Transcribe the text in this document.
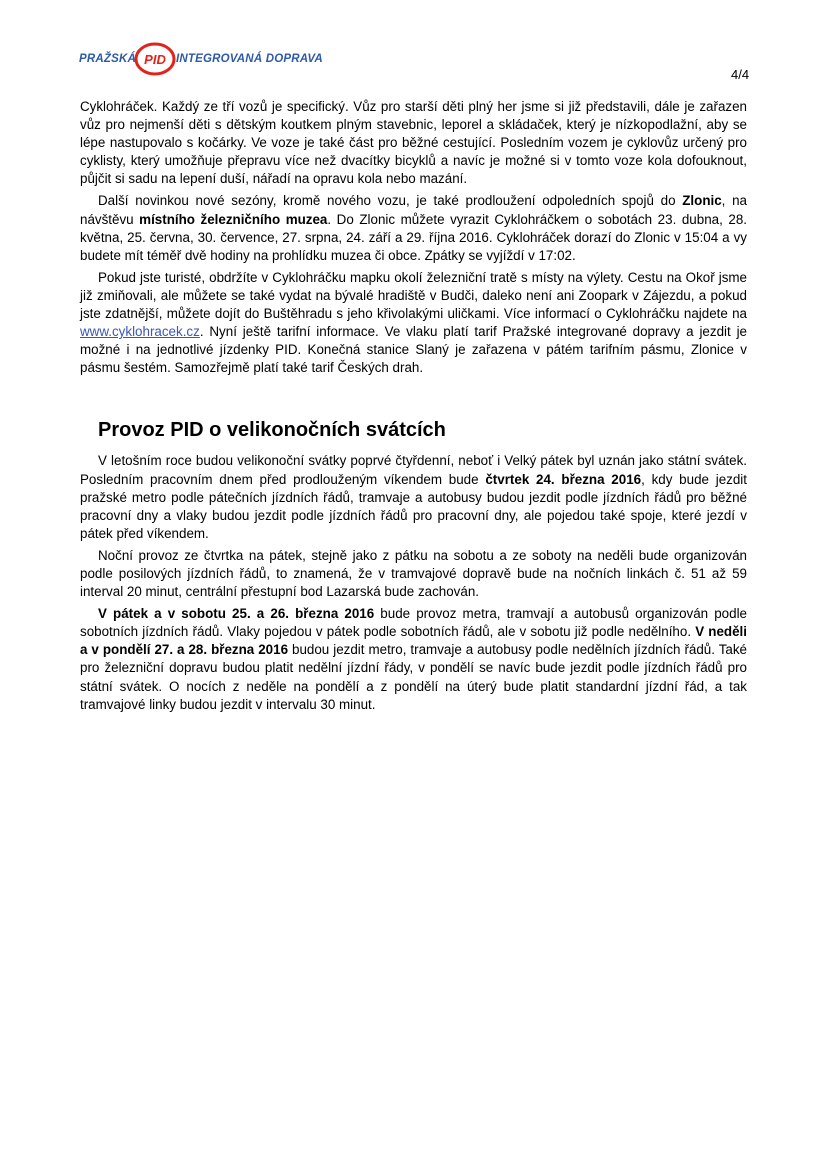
PRAŽSKÁ PID INTEGROVANÁ DOPRAVA
4/4

Cyklohráček. Každý ze tří vozů je specifický. Vůz pro starší děti plný her jsme si již představili, dále je zařazen vůz pro nejmenší děti s dětským koutkem plným stavebnic, leporel a skládaček, který je nízkopodlažní, aby se lépe nastupovalo s kočárky. Ve voze je také část pro běžné cestující. Posledním vozem je cyklovůz určený pro cyklisty, který umožňuje přepravu více než dvacítky bicyklů a navíc je možné si v tomto voze kola dofouknout, půjčit si sadu na lepení duší, nářadí na opravu kola nebo mazání.

Další novinkou nové sezóny, kromě nového vozu, je také prodloužení odpoledních spojů do Zlonic, na návštěvu místního železničního muzea. Do Zlonic můžete vyrazit Cyklohráčkem o sobotách 23. dubna, 28. května, 25. června, 30. července, 27. srpna, 24. září a 29. října 2016. Cyklohráček dorazí do Zlonic v 15:04 a vy budete mít téměř dvě hodiny na prohlídku muzea či obce. Zpátky se vyjíždí v 17:02.

Pokud jste turisté, obdržíte v Cyklohráčku mapku okolí železniční tratě s místy na výlety. Cestu na Okoř jsme již zmiňovali, ale můžete se také vydat na bývalé hradiště v Budči, daleko není ani Zoopark v Zájezdu, a pokud jste zdatnější, můžete dojít do Buštěhradu s jeho křivolakými uličkami. Více informací o Cyklohráčku najdete na www.cyklohracek.cz. Nyní ještě tarifní informace. Ve vlaku platí tarif Pražské integrované dopravy a jezdit je možné i na jednotlivé jízdenky PID. Konečná stanice Slaný je zařazena v pátém tarifním pásmu, Zlonice v pásmu šestém. Samozřejmě platí také tarif Českých drah.

Provoz PID o velikonočních svátcích

V letošním roce budou velikonoční svátky poprvé čtyřdenní, neboť i Velký pátek byl uznán jako státní svátek. Posledním pracovním dnem před prodlouženým víkendem bude čtvrtek 24. března 2016, kdy bude jezdit pražské metro podle pátečních jízdních řádů, tramvaje a autobusy budou jezdit podle jízdních řádů pro běžné pracovní dny a vlaky budou jezdit podle jízdních řádů pro pracovní dny, ale pojedou také spoje, které jezdí v pátek před víkendem.

Noční provoz ze čtvrtka na pátek, stejně jako z pátku na sobotu a ze soboty na neděli bude organizován podle posilových jízdních řádů, to znamená, že v tramvajové dopravě bude na nočních linkách č. 51 až 59 interval 20 minut, centrální přestupní bod Lazarská bude zachován.

V pátek a v sobotu 25. a 26. března 2016 bude provoz metra, tramvají a autobusů organizován podle sobotních jízdních řádů. Vlaky pojedou v pátek podle sobotních řádů, ale v sobotu již podle nedělního. V neděli a v pondělí 27. a 28. března 2016 budou jezdit metro, tramvaje a autobusy podle nedělních jízdních řádů. Také pro železniční dopravu budou platit nedělní jízdní řády, v pondělí se navíc bude jezdit podle jízdních řádů pro státní svátek. O nocích z neděle na pondělí a z pondělí na úterý bude platit standardní jízdní řád, a tak tramvajové linky budou jezdit v intervalu 30 minut.
